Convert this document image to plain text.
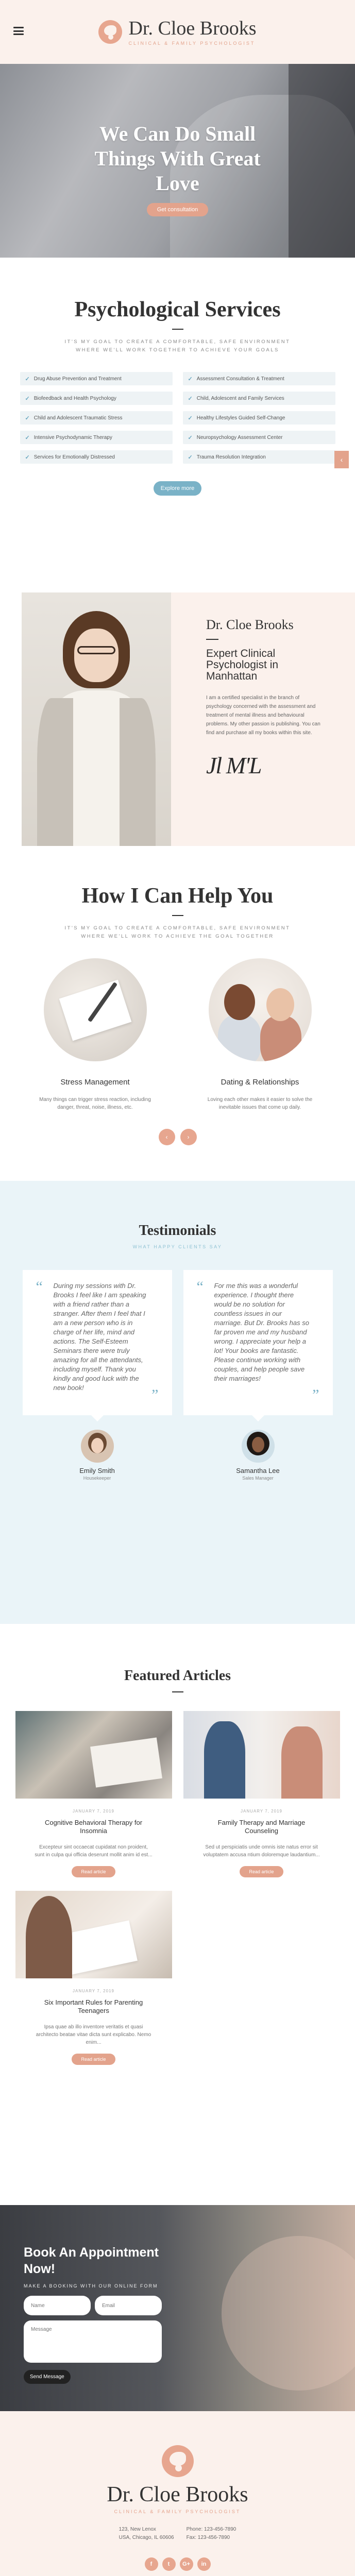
Dr. Cloe Brooks
CLINICAL & FAMILY PSYCHOLOGIST
We Can Do Small Things With Great Love
Get consultation
Psychological Services

IT'S MY GOAL TO CREATE A COMFORTABLE, SAFE ENVIRONMENT WHERE WE'LL WORK TOGETHER TO ACHIEVE YOUR GOALS

✓ Drug Abuse Prevention and Treatment	✓ Assessment Consultation & Treatment
✓ Biofeedback and Health Psychology	✓ Child, Adolescent and Family Services
✓ Child and Adolescent Traumatic Stress	✓ Healthy Lifestyles Guided Self-Change
✓ Intensive Psychodynamic Therapy	✓ Neuropsychology Assessment Center
✓ Services for Emotionally Distressed	✓ Trauma Resolution Integration
Explore more
‹
Dr. Cloe Brooks
Expert Clinical Psychologist in Manhattan

I am a certified specialist in the branch of psychology concerned with the assessment and treatment of mental illness and behavioural problems. My other passion is publishing. You can find and purchase all my books within this site.

Jl M'L
How I Can Help You

IT'S MY GOAL TO CREATE A COMFORTABLE, SAFE ENVIRONMENT WHERE WE'LL WORK TO ACHIEVE THE GOAL TOGETHER

Stress Management

Many things can trigger stress reaction, including danger, threat, noise, illness, etc.

Dating & Relationships

Loving each other makes it easier to solve the inevitable issues that come up daily.

‹	›
Testimonials
WHAT HAPPY CLIENTS SAY
“ During my sessions with Dr. Brooks I feel like I am speaking with a friend rather than a stranger. After them I feel that I am a new person who is in charge of her life, mind and actions. The Self-Esteem Seminars there were truly amazing for all the attendants, including myself. Thank you kindly and good luck with the new book!	”
Emily Smith
Housekeeper
“ For me this was a wonderful experience. I thought there would be no solution for countless issues in our marriage. But Dr. Brooks has so far proven me and my husband wrong. I appreciate your help a lot! Your books are fantastic. Please continue working with couples, and help people save their marriages!

”
Samantha Lee
Sales Manager
Featured Articles
JANUARY 7, 2019
Cognitive Behavioral Therapy for Insomnia

Excepteur sint occaecat cupidatat non proident, sunt in culpa qui officia deserunt mollit anim id est...

Read article
JANUARY 7, 2019
Family Therapy and Marriage Counseling

Sed ut perspiciatis unde omnis iste natus error sit voluptatem accusa ntium doloremque laudantium...

Read article
JANUARY 7, 2019
Six Important Rules for Parenting Teenagers

Ipsa quae ab illo inventore veritatis et quasi architecto beatae vitae dicta sunt explicabo. Nemo enim...

Read article
Book An Appointment Now!
MAKE A BOOKING WITH OUR ONLINE FORM
Name
Email
Message Send Message
Dr. Cloe Brooks
CLINICAL & FAMILY PSYCHOLOGIST
123, New Lenox
USA, Chicago, IL 60606
Phone: 123-456-7890
Fax: 123-456-7890
f	t	G+	in
